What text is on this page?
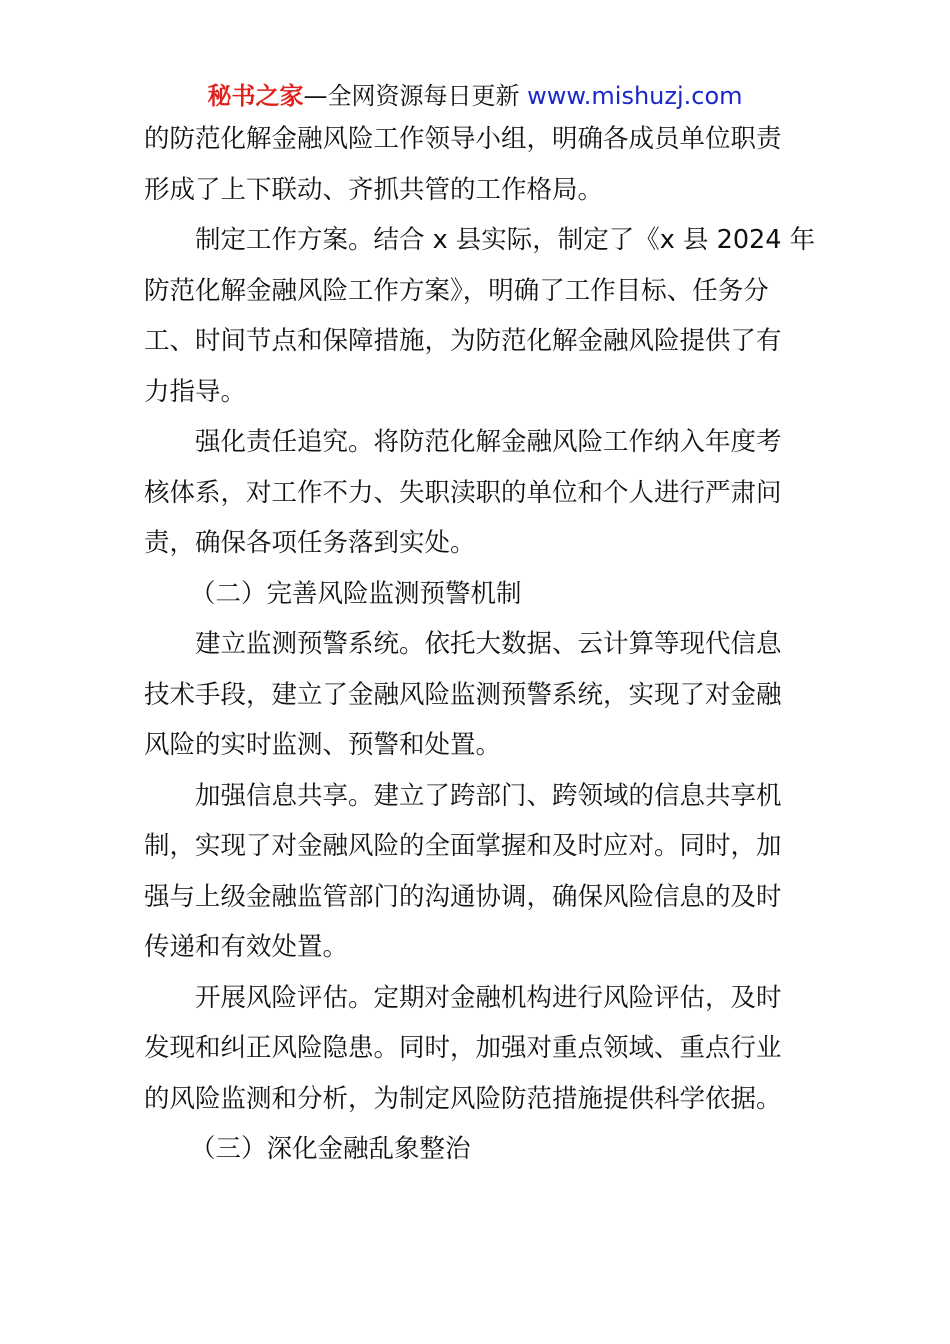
秘书之家—全网资源每日更新 www.mishuzj.com

的防范化解金融风险工作领导小组，明确各成员单位职责

形成了上下联动、齐抓共管的工作格局。

制定工作方案。结合 x 县实际，制定了《x 县 2024 年

防范化解金融风险工作方案》，明确了工作目标、任务分

工、时间节点和保障措施，为防范化解金融风险提供了有

力指导。

强化责任追究。将防范化解金融风险工作纳入年度考

核体系，对工作不力、失职渎职的单位和个人进行严肃问

责，确保各项任务落到实处。

（二）完善风险监测预警机制

建立监测预警系统。依托大数据、云计算等现代信息

技术手段，建立了金融风险监测预警系统，实现了对金融

风险的实时监测、预警和处置。

加强信息共享。建立了跨部门、跨领域的信息共享机

制，实现了对金融风险的全面掌握和及时应对。同时，加

强与上级金融监管部门的沟通协调，确保风险信息的及时

传递和有效处置。

开展风险评估。定期对金融机构进行风险评估，及时

发现和纠正风险隐患。同时，加强对重点领域、重点行业

的风险监测和分析，为制定风险防范措施提供科学依据。

（三）深化金融乱象整治
